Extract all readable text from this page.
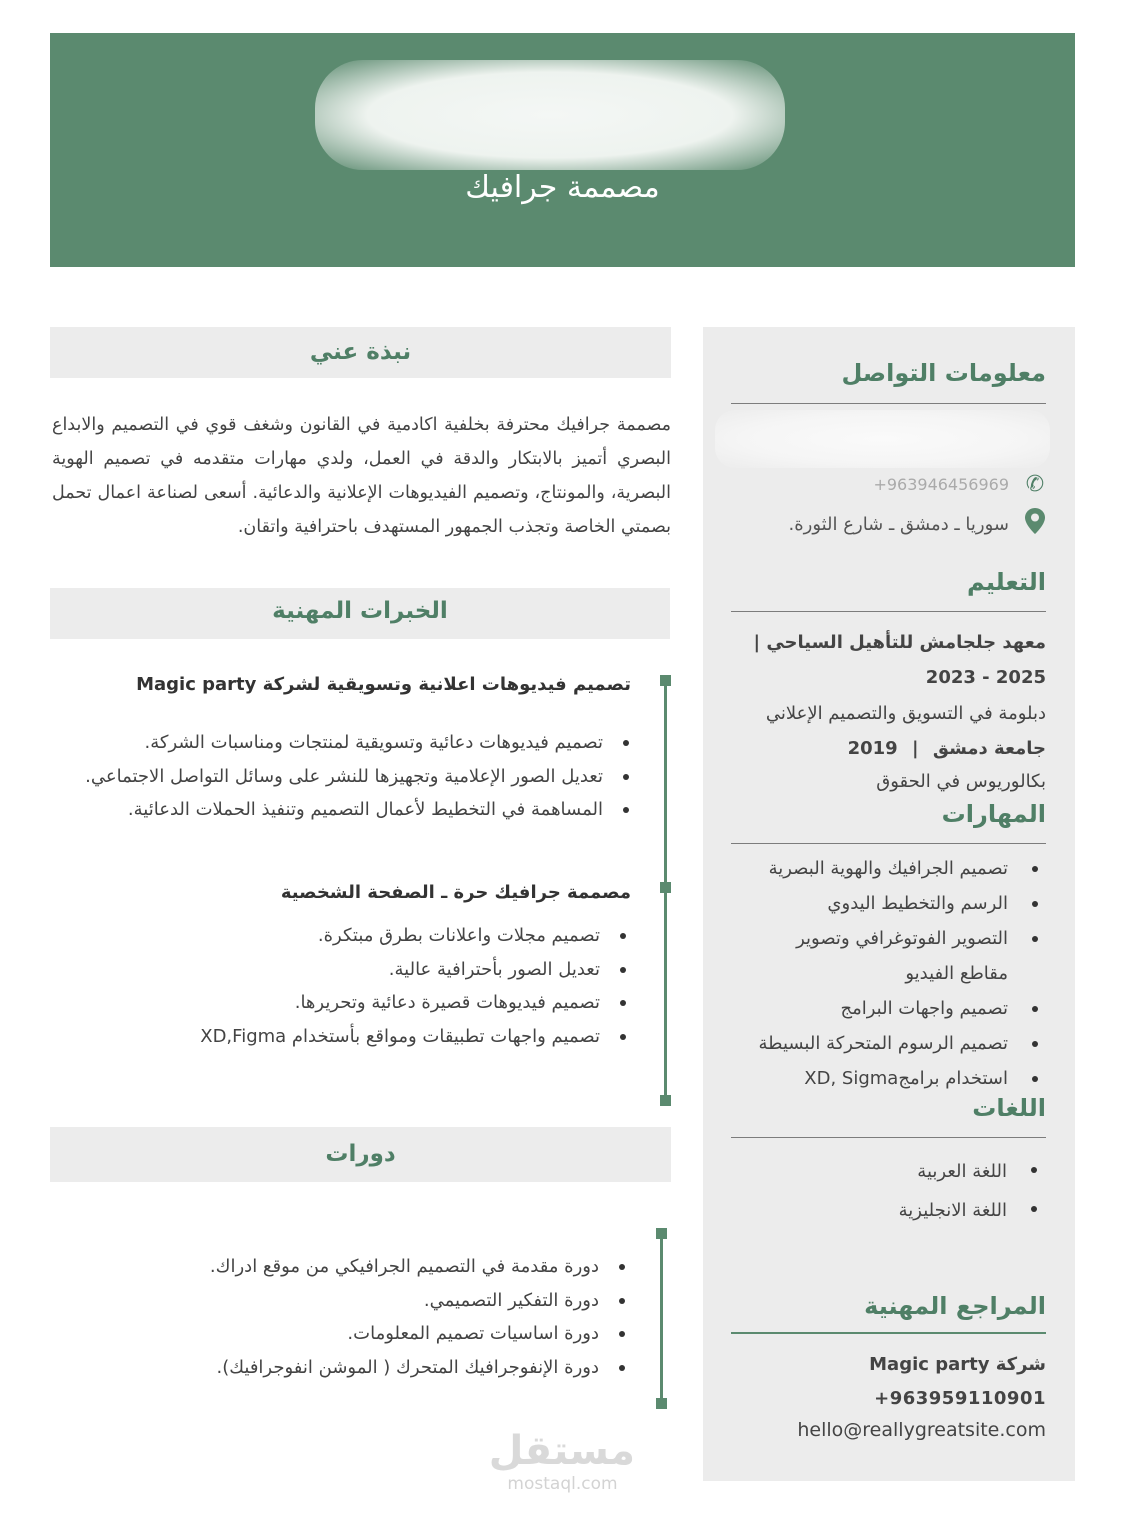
مصممة جرافيك
معلومات التواصل
✆
+963946456969
سوريا ـ دمشق ـ شارع الثورة.
التعليم
معهد جلجامش للتأهيل السياحي |
2023 - 2025
دبلومة في التسويق والتصميم الإعلاني
جامعة دمشق | 2019
بكالوريوس في الحقوق
المهارات
تصميم الجرافيك والهوية البصرية
الرسم والتخطيط اليدوي
التصوير الفوتوغرافي وتصوير مقاطع الفيديو
تصميم واجهات البرامج
تصميم الرسوم المتحركة البسيطة
استخدام برامجXD, Sigma
اللغات
اللغة العربية
اللغة الانجليزية
المراجع المهنية
شركة Magic party
+963959110901
hello@reallygreatsite.com
نبذة عني
مصممة جرافيك محترفة بخلفية اكادمية في القانون وشغف قوي في التصميم والابداع البصري أتميز بالابتكار والدقة في العمل، ولدي مهارات متقدمه في تصميم الهوية البصرية، والمونتاج، وتصميم الفيديوهات الإعلانية والدعائية. أسعى لصناعة اعمال تحمل بصمتي الخاصة وتجذب الجمهور المستهدف باحترافية واتقان.
الخبرات المهنية
تصميم فيديوهات اعلانية وتسويقية لشركة Magic party
تصميم فيديوهات دعائية وتسويقية لمنتجات ومناسبات الشركة.
تعديل الصور الإعلامية وتجهيزها للنشر على وسائل التواصل الاجتماعي.
المساهمة في التخطيط لأعمال التصميم وتنفيذ الحملات الدعائية.
مصممة جرافيك حرة ـ الصفحة الشخصية
تصميم مجلات واعلانات بطرق مبتكرة.
تعديل الصور بأحترافية عالية.
تصميم فيديوهات قصيرة دعائية وتحريرها.
تصميم واجهات تطبيقات ومواقع بأستخدام XD,Figma
دورات
دورة مقدمة في التصميم الجرافيكي من موقع ادراك.
دورة التفكير التصميمي.
دورة اساسيات تصميم المعلومات.
دورة الإنفوجرافيك المتحرك ( الموشن انفوجرافيك).
مستقل
mostaql.com
